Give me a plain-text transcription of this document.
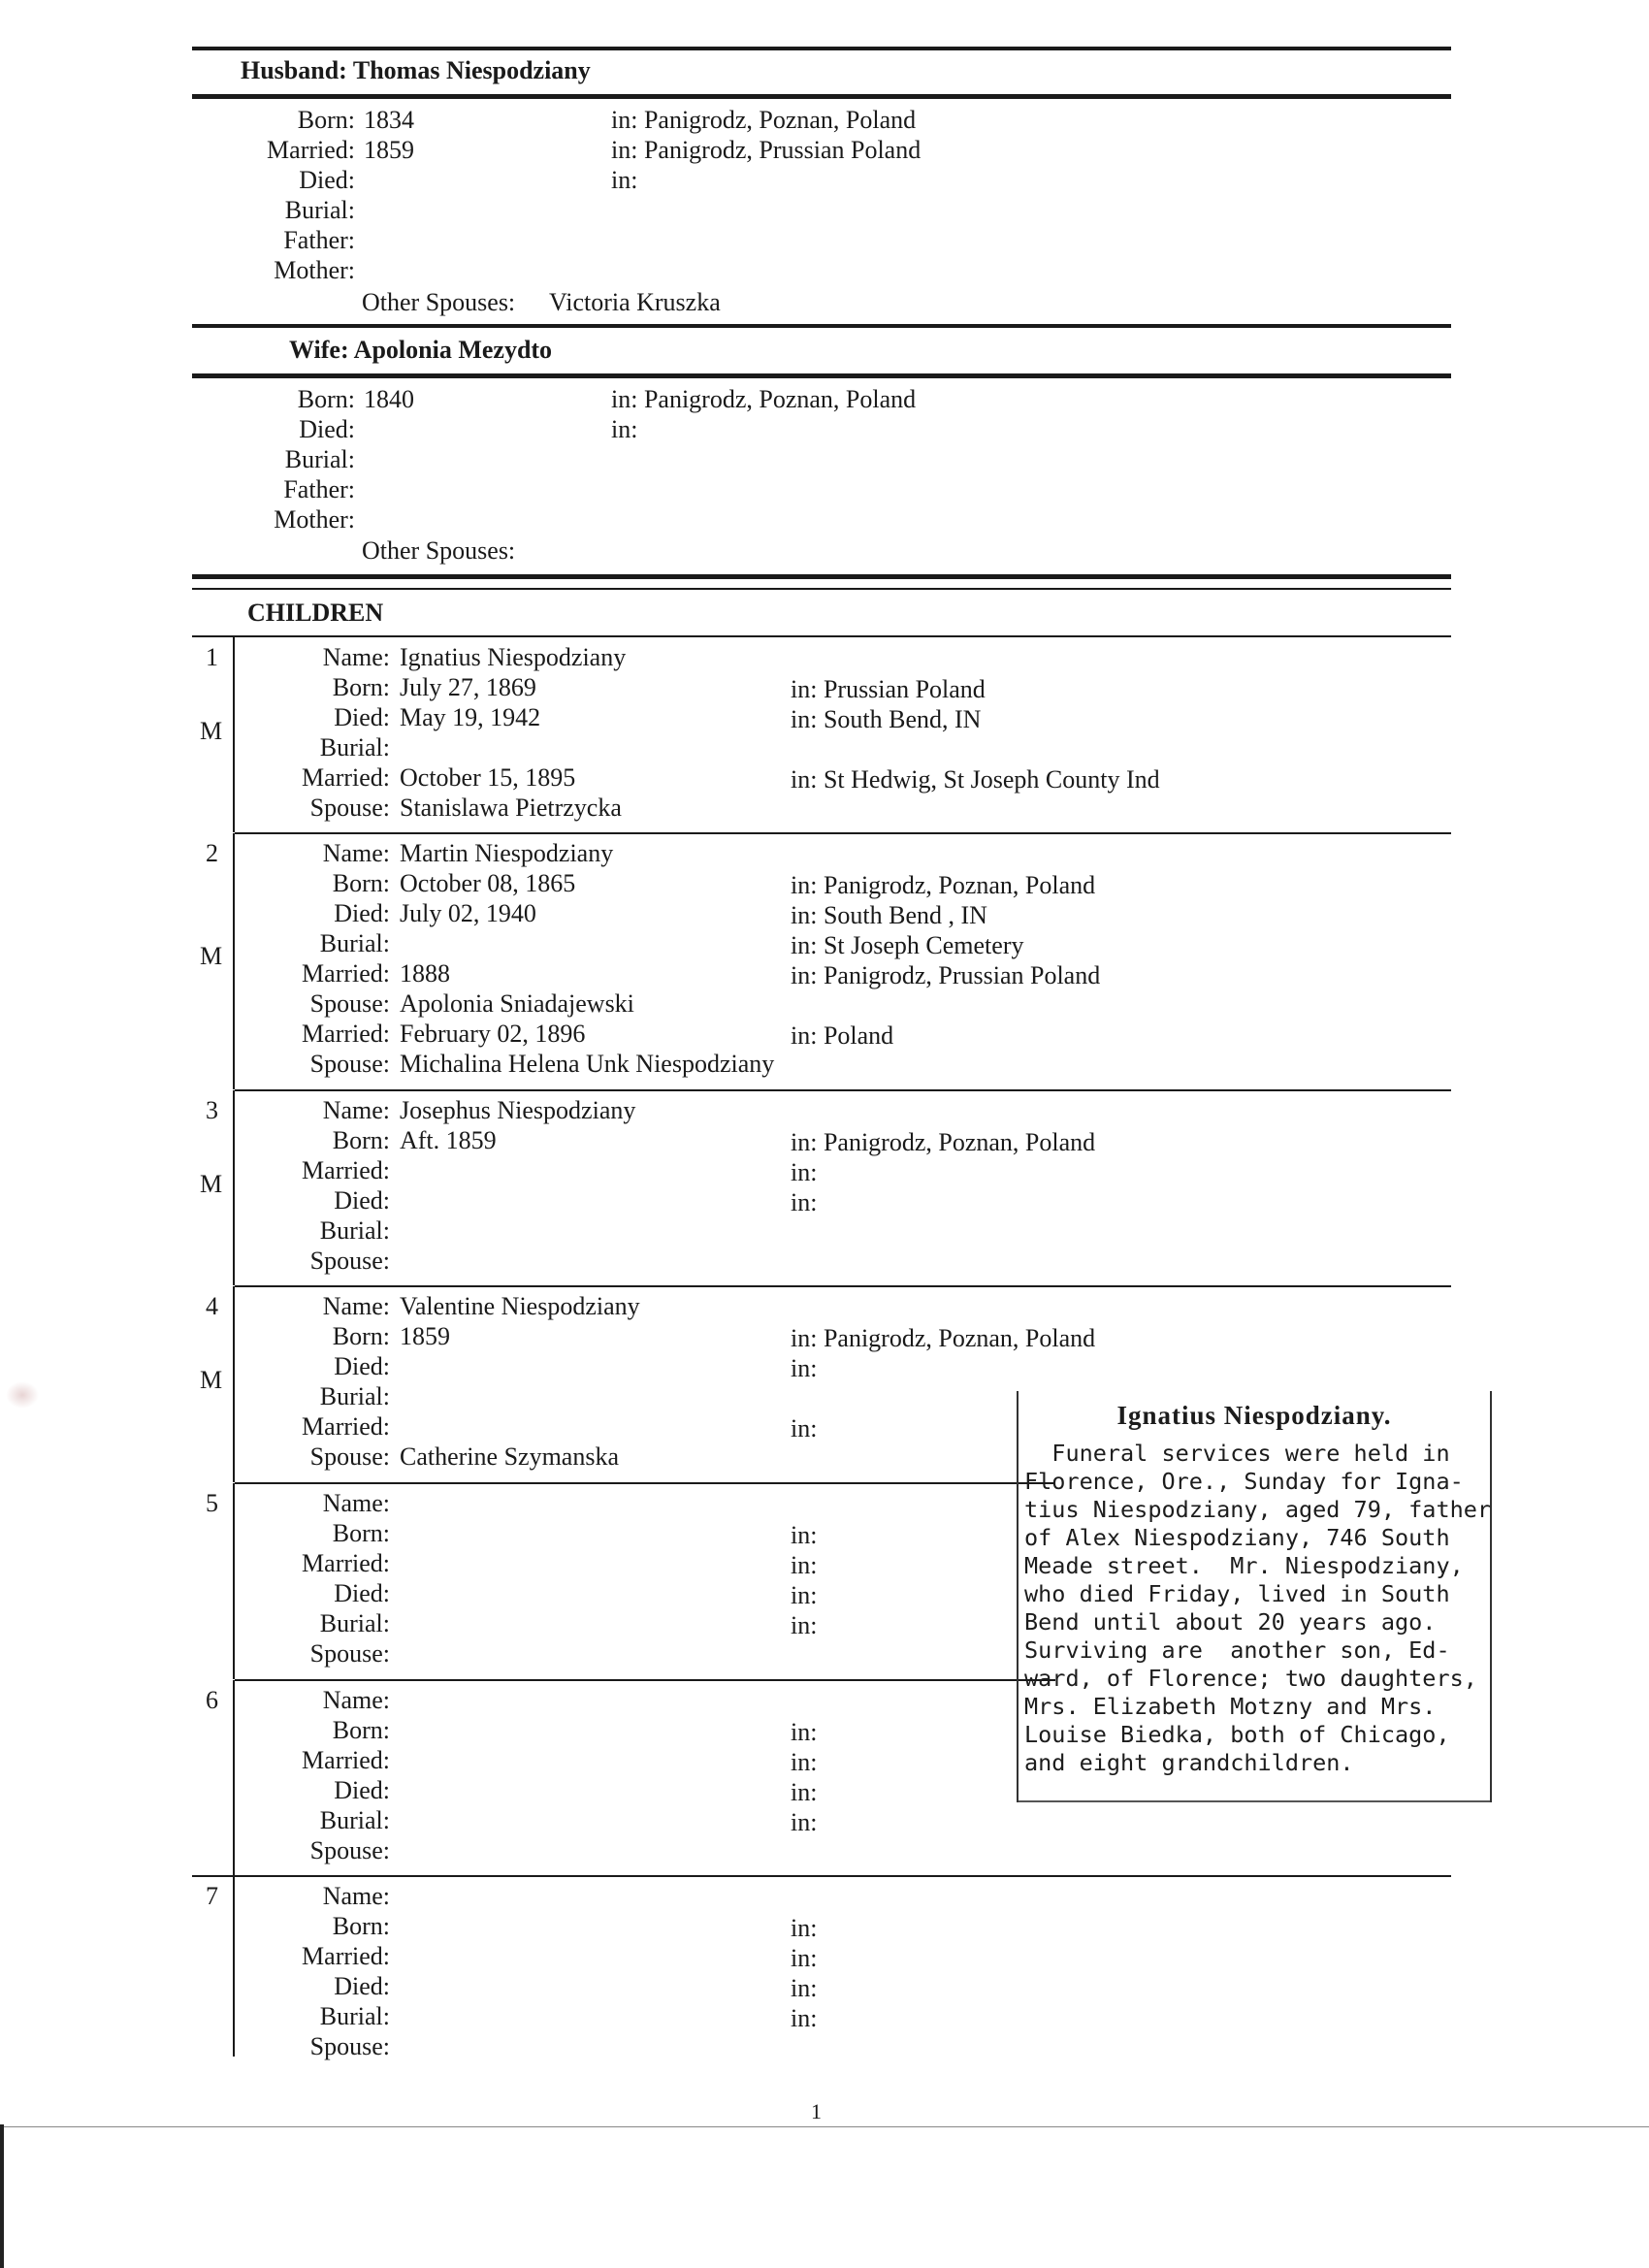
Husband: Thomas Niespodziany
Born: 1834	in: Panigrodz, Poznan, Poland
Married: 1859	in: Panigrodz, Prussian Poland
Died:	in:
Burial:
Father:
Mother:
Other Spouses: Victoria Kruszka
Wife: Apolonia Mezydto
Born: 1840	in: Panigrodz, Poznan, Poland
Died:	in:
Burial:
Father:
Mother:
Other Spouses:
CHILDREN
1
M
Name: Ignatius Niespodziany
Born: July 27, 1869	in: Prussian Poland
Died: May 19, 1942	in: South Bend, IN
Burial:
Married: October 15, 1895	in: St Hedwig, St Joseph County Ind
Spouse: Stanislawa Pietrzycka
2
M
Name: Martin Niespodziany
Born: October 08, 1865	in: Panigrodz, Poznan, Poland
Died: July 02, 1940	in: South Bend , IN
Burial:	in: St Joseph Cemetery
Married: 1888	in: Panigrodz, Prussian Poland
Spouse: Apolonia Sniadajewski
Married: February 02, 1896	in: Poland
Spouse: Michalina Helena Unk Niespodziany
3
M
Name: Josephus Niespodziany
Born: Aft. 1859	in: Panigrodz, Poznan, Poland
Married:	in:
Died:	in:
Burial:
Spouse:
4
M
Name: Valentine Niespodziany
Born: 1859	in: Panigrodz, Poznan, Poland
Died:	in:
Burial:
Married:	in:
Spouse: Catherine Szymanska
5	Name:
Born:	in:
Married:	in:
Died:	in:
Burial:	in:
Spouse:
6	Name:
Born:	in:
Married:	in:
Died:	in:
Burial:	in:
Spouse:
7	Name:
Born:	in:
Married:	in:
Died:	in:
Burial:	in:
Spouse:
Ignatius Niespodziany.
Funeral services were held in
Florence, Ore., Sunday for Igna-
tius Niespodziany, aged 79, father
of Alex Niespodziany, 746 South
Meade street.  Mr. Niespodziany,
who died Friday, lived in South
Bend until about 20 years ago.
Surviving are  another son, Ed-
ward, of Florence; two daughters,
Mrs. Elizabeth Motzny and Mrs.
Louise Biedka, both of Chicago,
and eight grandchildren.
1
